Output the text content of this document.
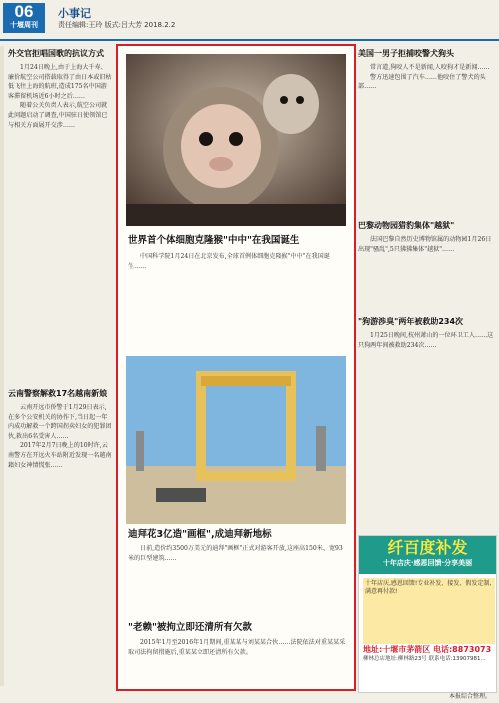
06
十堰周刊
小事记
责任编辑:王玲 版式:吕大芳 2018.2.2
外交官拒唱国歌的抗议方式

1月24日晚上,由于上海大千寿、廉价航空公司搭载取得了由日本或旧枯低飞往上海的航班,造成175名中国游客滞留机场近6小时之后……

随着公关负责人表示,航空公司就此问题启动了调查,中国驻日使领馆已与相关方面展开交涉……

云南警察解救17名越南新娘

云南开远市侨警于1月29日表示,在多个公安机关的协作下,当日起一年内成功解救一个跨国拐卖妇女的犯罪团伙,救出6名受害人……

2017年2月7日晚上的10时许,云南警方在开远火车站附近发现一名越南籍妇女神情慌张……

世界首个体细胞克隆猴"中中"在我国诞生

中国科学院1月24日在北京发布,全球首例体细胞克隆猴"中中"在我国诞生……

迪拜花3亿造"画框",成迪拜新地标

日前,造价约3500万美元的迪拜"画框"正式对游客开放,这座高150米、宽93米的巨型建筑……

"老赖"被拘立即还清所有欠款

2015年1月至2016年1月期间,重某某与刘某某合伙……法院依法对重某某采取司法拘留措施后,重某某立即还清所有欠款。

美国一男子拒捕咬警犬狗头

常言道,狗咬人不是新闻,人咬狗才是新闻……

警方迅速包围了汽车……他咬住了警犬的头部……

巴黎动物园猎豹集体"越狱"

法国巴黎自然历史博物馆属的动物园1月26日出现"骚乱",5只狒狒集体"越狱"……

"狗游渉臭"两年被救助234次

1月25日晚间,杭州萧山的一位环卫工人……这只狗两年间被救助234次……

纤百度补发
十年店庆·感恩回馈·分享美丽
十年店庆,感恩回馈!专业补发、接发、假发定制,满意再付款!
地址:十堰市茅箭区 电话:8873073
柳林总店地址:柳林路23号 联系电话:13907981...
本报综合整理。
